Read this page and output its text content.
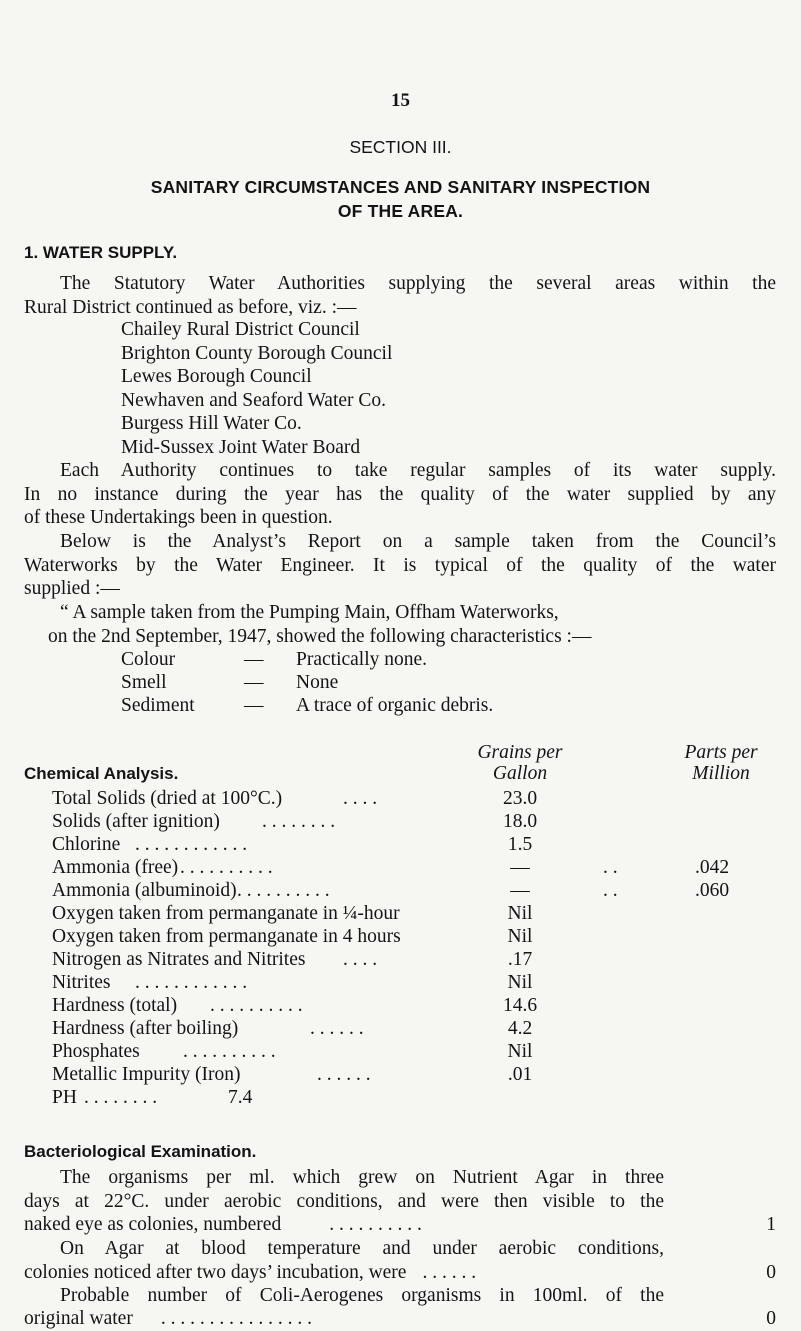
15
SECTION III.
SANITARY CIRCUMSTANCES AND SANITARY INSPECTION
OF THE AREA.
1. WATER SUPPLY.
The Statutory Water Authorities supplying the several areas within the
Rural District continued as before, viz. :—
Chailey Rural District Council
Brighton County Borough Council
Lewes Borough Council
Newhaven and Seaford Water Co.
Burgess Hill Water Co.
Mid-Sussex Joint Water Board
Each Authority continues to take regular samples of its water supply.
In no instance during the year has the quality of the water supplied by any
of these Undertakings been in question.
Below is the Analyst’s Report on a sample taken from the Council’s
Waterworks by the Water Engineer. It is typical of the quality of the water
supplied :—
“ A sample taken from the Pumping Main, Offham Waterworks,
on the 2nd September, 1947, showed the following characteristics :—
Colour	— Practically none.
Smell	— None
Sediment	— A trace of organic debris.
Chemical Analysis.
Grains per
Gallon
Parts per
Million
Total Solids (dried at 100°C.)	. . . .	23.0
Solids (after ignition) . . . . . . . .	18.0
Chlorine . . . . . . . . . . . .	1.5
Ammonia (free) . . . . . . . . . .	—	. .	.042
Ammonia (albuminoid) . . . . . . . . . .	—	. .	.060
Oxygen taken from permanganate in ¼-hour	Nil
Oxygen taken from permanganate in 4 hours	Nil
Nitrogen as Nitrates and Nitrites . . . .	.17
Nitrites . . . . . . . . . . . .	Nil
Hardness (total) . . . . . . . . . .	14.6
Hardness (after boiling)	. . . . . .	4.2
Phosphates . . . . . . . . . .	Nil
Metallic Impurity (Iron)	. . . . . .	.01
PH . . . . . . . .	7.4
Bacteriological Examination.
The organisms per ml. which grew on Nutrient Agar in three
days at 22°C. under aerobic conditions, and were then visible to the
naked eye as colonies, numbered . . . . . . . . . .	1
On Agar at blood temperature and under aerobic conditions,
colonies noticed after two days’ incubation, were . . . . . .	0
Probable number of Coli-Aerogenes organisms in 100ml. of the
original water . . . . . . . . . . . . . . . .	0
